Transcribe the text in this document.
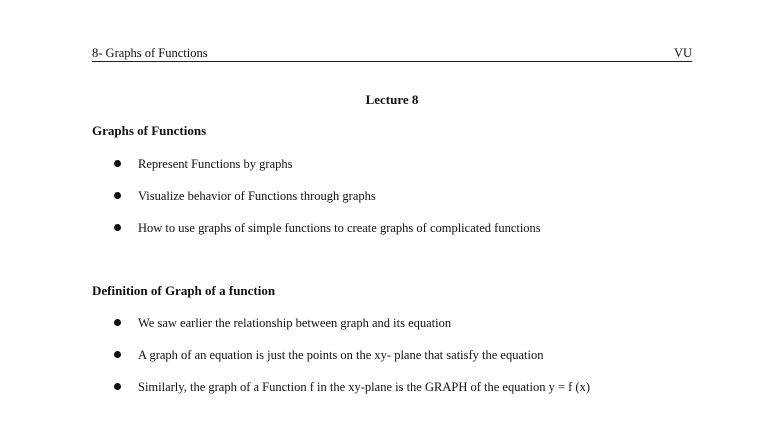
8- Graphs of Functions	VU
Lecture 8
Graphs of Functions
Represent Functions by graphs
Visualize behavior of Functions through graphs
How to use graphs of simple functions to create graphs of complicated functions
Definition of Graph of a function
We saw earlier the relationship between graph and its equation
A graph of an equation is just the points on the xy- plane that satisfy the equation
Similarly, the graph of a Function f in the xy-plane is the GRAPH of the equation y = f (x)
